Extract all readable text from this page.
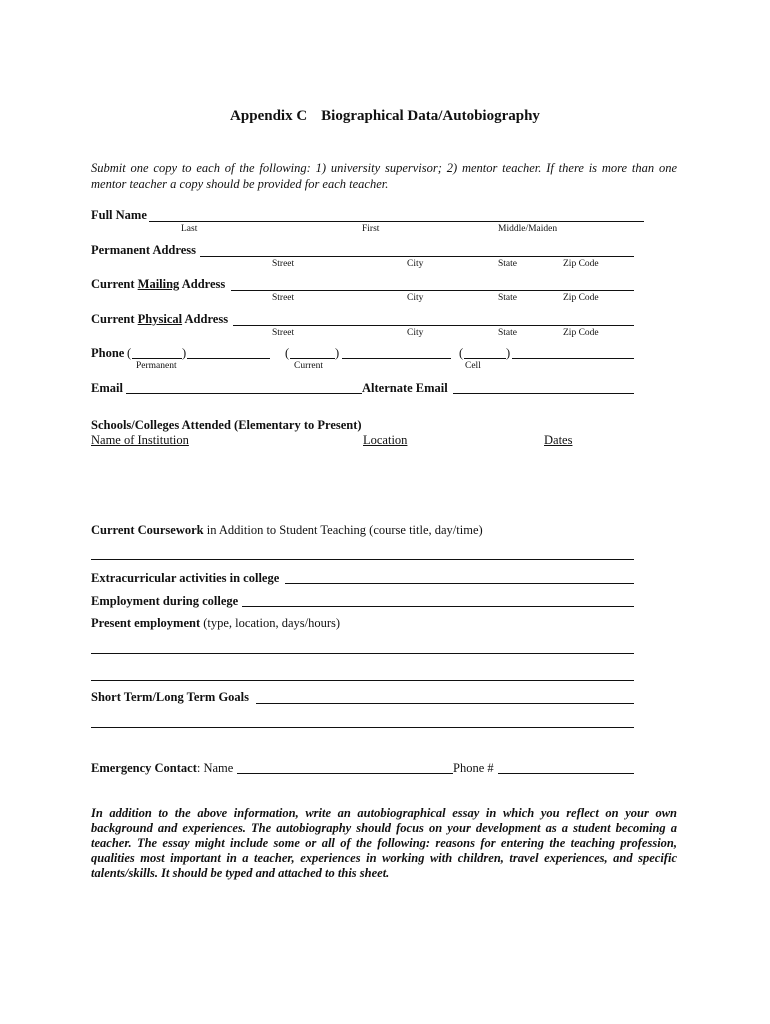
Appendix C Biographical Data/Autobiography
Submit one copy to each of the following: 1) university supervisor; 2) mentor teacher. If there is more than one mentor teacher a copy should be provided for each teacher.
Full Name
Last	First	Middle/Maiden
Permanent Address
Street	City	State	Zip Code
Current Mailing Address
Street	City	State	Zip Code
Current Physical Address
Street	City	State	Zip Code
Phone (	)	(	)	(	)
Permanent	Current	Cell
Email	Alternate Email
Schools/Colleges Attended (Elementary to Present)
Name of Institution	Location	Dates
Current Coursework in Addition to Student Teaching (course title, day/time)
Extracurricular activities in college
Employment during college
Present employment (type, location, days/hours)
Short Term/Long Term Goals
Emergency Contact: Name	Phone #
In addition to the above information, write an autobiographical essay in which you reflect on your own background and experiences. The autobiography should focus on your development as a student becoming a teacher. The essay might include some or all of the following: reasons for entering the teaching profession, qualities most important in a teacher, experiences in working with children, travel experiences, and specific talents/skills. It should be typed and attached to this sheet.
